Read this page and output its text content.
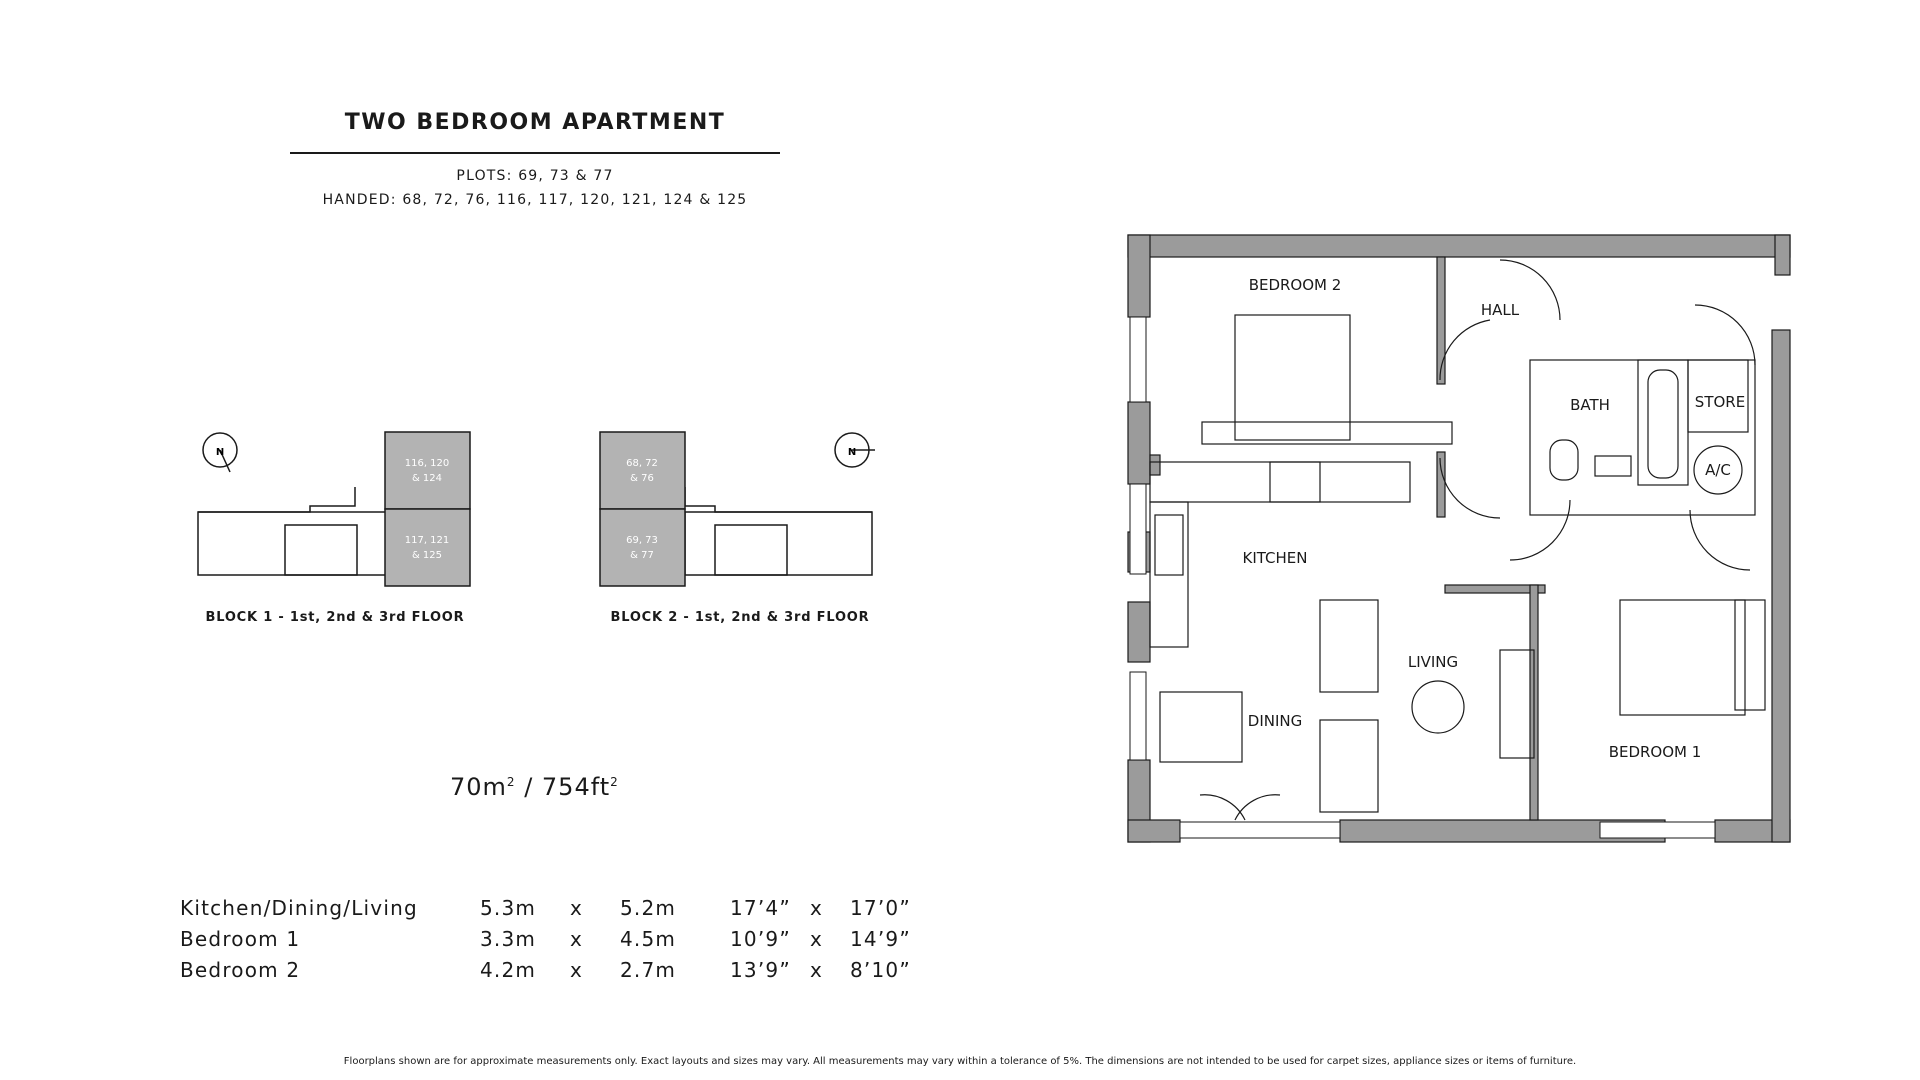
TWO BEDROOM APARTMENT
PLOTS: 69, 73 & 77
HANDED: 68, 72, 76, 116, 117, 120, 121, 124 & 125
N
116, 120
& 124
117, 121
& 125
BLOCK 1 - 1st, 2nd & 3rd FLOOR
N
68, 72
& 76
69, 73
& 77
BLOCK 2 - 1st, 2nd & 3rd FLOOR
$70m^2 / 754ft^2$
Kitchen/Dining/Living	5.3m	x	5.2m	17’4”	x	17’0”
Bedroom 1	3.3m	x	4.5m	10’9”	x	14’9”
Bedroom 2	4.2m	x	2.7m	13’9”	x	8’10”
BEDROOM 2
HALL
BATH	STORE
A/C
KITCHEN
LIVING
DINING
BEDROOM 1
Floorplans shown are for approximate measurements only. Exact layouts and sizes may vary. All measurements may vary within a tolerance of 5%. The dimensions are not intended to be used for carpet sizes, appliance sizes or items of furniture.
